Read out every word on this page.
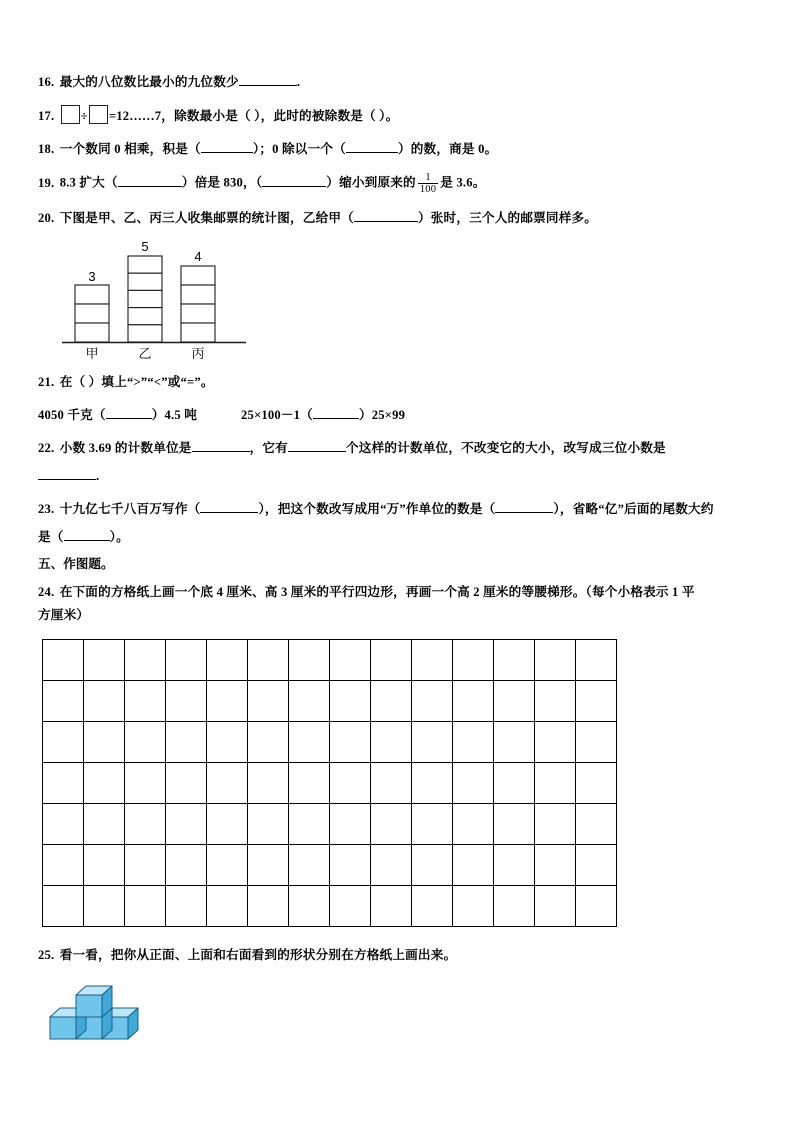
16. 最大的八位数比最小的九位数少	.
17. ÷ =12……7，除数最小是（ ），此时的被除数是（ ）。
18. 一个数同 0 相乘，积是（	）；0 除以一个（	）的数，商是 0。
19. 8.3 扩大（	）倍是 830，（	）缩小到原来的 $\frac{1}{100}$ 是 3.6。
20. 下图是甲、乙、丙三人收集邮票的统计图，乙给甲（	）张时，三个人的邮票同样多。
3
5
4
甲	乙	丙
21. 在（ ）填上“>”“<”或“=”。
4050 千克（	）4.5 吨	25×100－1（	）25×99
22. 小数 3.69 的计数单位是	，它有	个这样的计数单位，不改变它的大小，改写成三位小数是
.
23. 十九亿七千八百万写作（	），把这个数改写成用“万”作单位的数是（	），省略“亿”后面的尾数大约
是（	）。
五、作图题。
24. 在下面的方格纸上画一个底 4 厘米、高 3 厘米的平行四边形，再画一个高 2 厘米的等腰梯形。（每个小格表示 1 平
方厘米）

25. 看一看，把你从正面、上面和右面看到的形状分别在方格纸上画出来。
